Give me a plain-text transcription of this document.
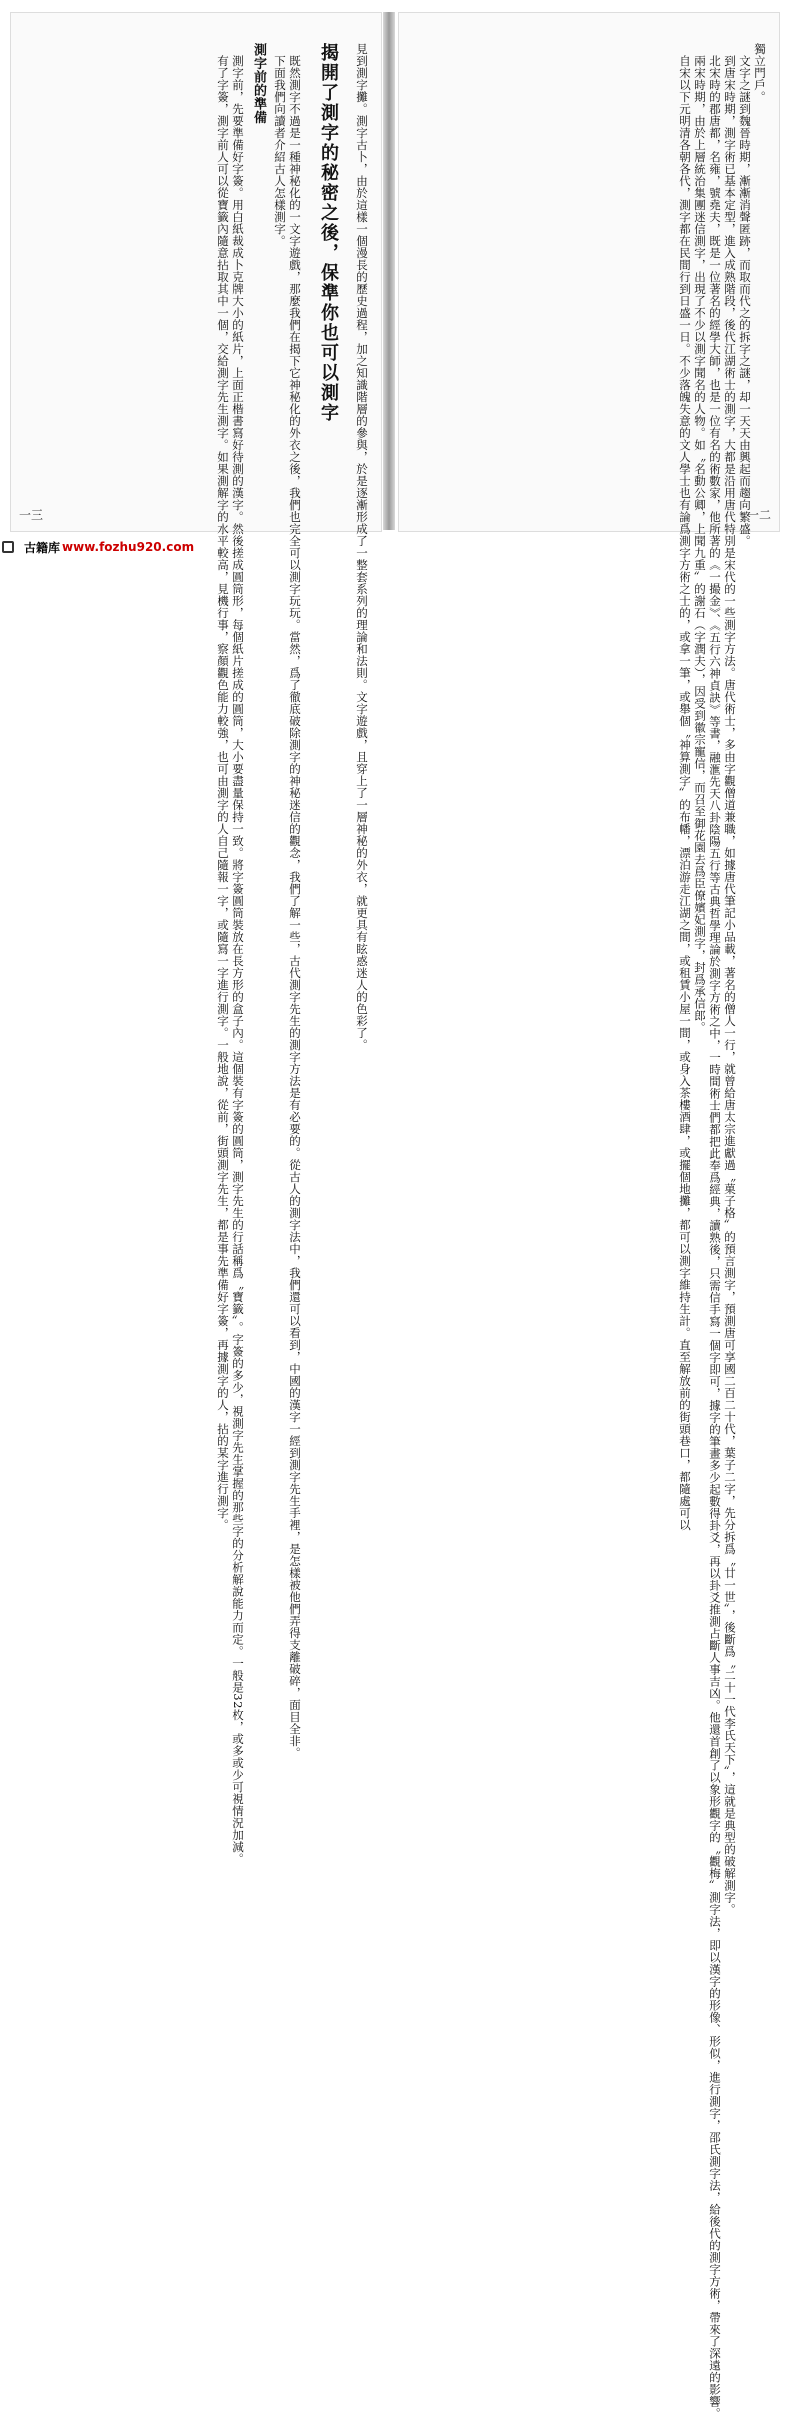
獨立門戶。

　文字之謎到魏晉時期，漸漸消聲匿跡，而取而代之的拆字之謎，却一天天由興起而趨向繁盛。

　到唐宋時期，測字術已基本定型，進入成熟階段，後代江湖術士的測字，大都是沿用唐代特別是宋代的一些測字方法。唐代術士，多由字觀僧道兼職，如據唐代筆記小品載，著名的僧人一行，就曾給唐太宗進獻過〝菓子格〞的預言測字，預測唐可享國二百二十代，葉子二字，先分拆爲〝廿一世〞，後斷爲〝二十一代李氏天下〞，這就是典型的破解測字。

　北宋時的郡唐都，名雍，號堯夫，既是一位著名的經學大師，也是一位有名的術數家，他所著的《一撮金》、《五行六神貞訣》等書，融滙先天八卦陰陽五行等古典哲學理論於測字方術之中，一時間術士們都把此奉爲經典，讀熟後，只需信手寫一個字即可，據字的筆畫多少起數得卦爻，再以卦爻推測占斷人事吉凶。他還首創了以象形觀字的〝觀梅〞測字法，即以漢字的形像、形似，進行測字，邵氏測字法，給後代的測字方術，帶來了深遠的影響。

　兩宋時期，由於上層統治集團迷信測字，出現了不少以測字聞名的人物。如〝名動公卿，上聞九重〞的謝石（字潤夫），因受到徽宗寵信，而召至御花園去爲臣僚嬪妃測字，封爲承信郎。

　自宋以下元明清各朝各代，測字都在民間行到日盛一日。不少落魄失意的文人學士也有論爲測字方術之士的，或拿一筆，或舉個〝神算測字〞的布幡，漂泊游走江湖之間，或租賃小屋一間，或身入茶樓酒肆，或擺個地攤，都可以測字維持生計。直至解放前的街頭巷口，都隨處可以	一二

見到測字攤。測字古卜，由於這樣一個漫長的歷史過程，加之知識階層的參與，於是逐漸形成了一整套系列的理論和法則。文字遊戲，且穿上了一層神秘的外衣，就更具有眩惑迷人的色彩了。

揭開了測字的秘密之後，保準你也可以測字

　既然測字不過是一種神秘化的一文字遊戲，那麼我們在揭下它神秘化的外衣之後，我們也完全可以測字玩玩。當然，爲了徹底破除測字的神秘迷信的觀念，我們了解一些，古代測字先生的測字方法是有必要的。從古人的測字法中，我們還可以看到，中國的漢字一經到測字先生手裡，是怎樣被他們弄得支離破碎，面目全非。

　下面我們向讀者介紹古人怎樣測字。

測字前的準備

　測字前，先要準備好字簽。用白紙裁成卜克牌大小的紙片，上面正楷書寫好待測的漢字。然後搓成圓筒形，每個紙片搓成的圓筒，大小要盡量保持一致。將字簽圓筒裝放在長方形的盒子內。這個裝有字簽的圓筒，測字先生的行話稱爲〝寶籤〞。字簽的多少，視測字先生掌握的那些字的分析解說能力而定。一般是32枚，或多或少可視情況加減。

　有了字簽，測字前人可以從寶籤內隨意拈取其中一個，交給測字先生測字。如果測解字的水平較高，見機行事，察顏觀色能力較強，也可由測字的人自己隨報一字，或隨寫一字進行測字。一般地說，從前，街頭測字先生，都是事先準備好字簽，再據測字的人，拈的某字進行測字。

一三
古籍库 www.fozhu920.com
